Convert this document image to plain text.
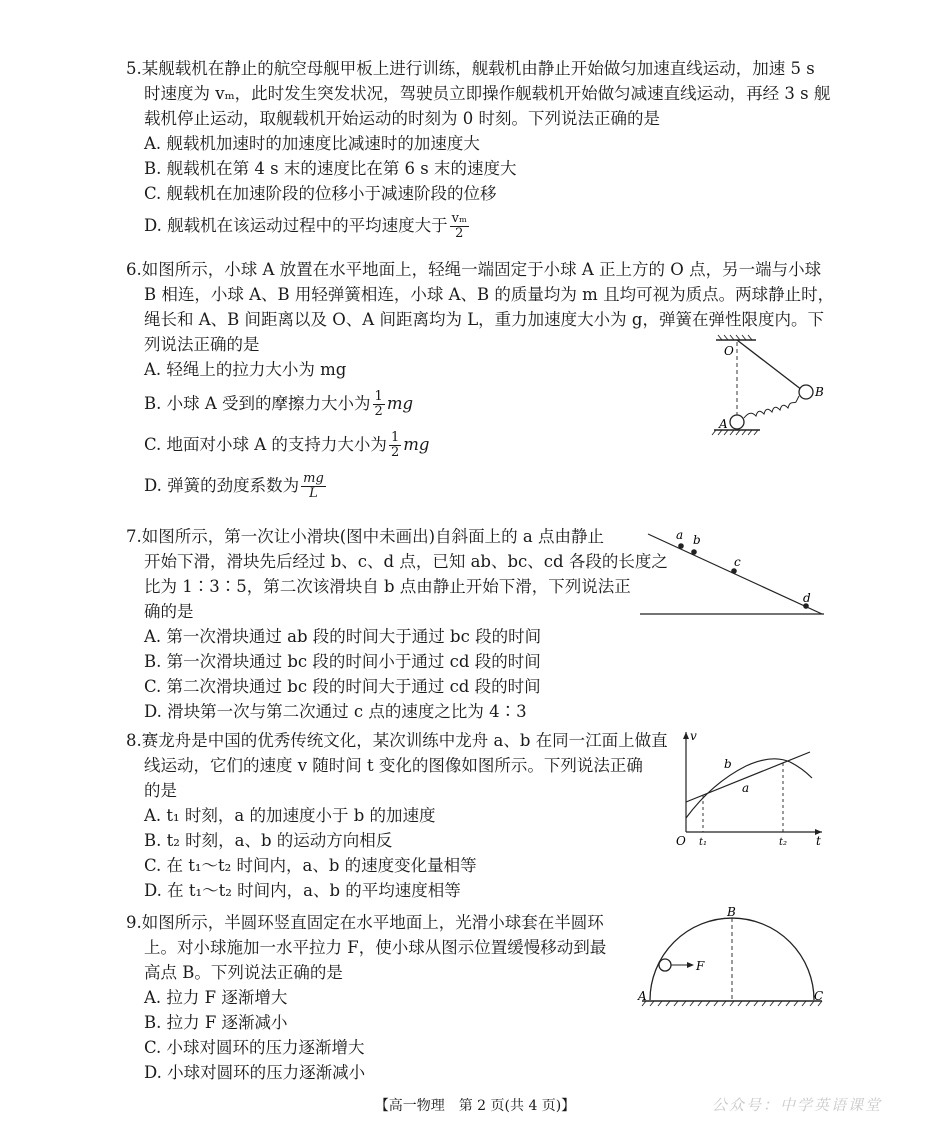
5.某舰载机在静止的航空母舰甲板上进行训练，舰载机由静止开始做匀加速直线运动，加速 5 s
时速度为 vₘ，此时发生突发状况，驾驶员立即操作舰载机开始做匀减速直线运动，再经 3 s 舰
载机停止运动，取舰载机开始运动的时刻为 0 时刻。下列说法正确的是
A. 舰载机加速时的加速度比减速时的加速度大
B. 舰载机在第 4 s 末的速度比在第 6 s 末的速度大
C. 舰载机在加速阶段的位移小于减速阶段的位移
D. 舰载机在该运动过程中的平均速度大于 $\frac{\text{vₘ}}{2}$
6.如图所示，小球 A 放置在水平地面上，轻绳一端固定于小球 A 正上方的 O 点，另一端与小球
B 相连，小球 A、B 用轻弹簧相连，小球 A、B 的质量均为 m 且均可视为质点。两球静止时，
绳长和 A、B 间距离以及 O、A 间距离均为 L，重力加速度大小为 g，弹簧在弹性限度内。下
列说法正确的是
A. 轻绳上的拉力大小为 mg
B. 小球 A 受到的摩擦力大小为 $\frac{1}{2}$ mg
C. 地面对小球 A 的支持力大小为 $\frac{1}{2}$ mg
D. 弹簧的劲度系数为 $\frac{mg}{L}$
O
B
A
7.如图所示，第一次让小滑块(图中未画出)自斜面上的 a 点由静止
开始下滑，滑块先后经过 b、c、d 点，已知 ab、bc、cd 各段的长度之
比为 1∶3∶5，第二次该滑块自 b 点由静止开始下滑，下列说法正
确的是
A. 第一次滑块通过 ab 段的时间大于通过 bc 段的时间
B. 第一次滑块通过 bc 段的时间小于通过 cd 段的时间
C. 第二次滑块通过 bc 段的时间大于通过 cd 段的时间
D. 滑块第一次与第二次通过 c 点的速度之比为 4∶3
a b
c
d
8.赛龙舟是中国的优秀传统文化，某次训练中龙舟 a、b 在同一江面上做直
线运动，它们的速度 v 随时间 t 变化的图像如图所示。下列说法正确
的是
A. t₁ 时刻，a 的加速度小于 b 的加速度
B. t₂ 时刻，a、b 的运动方向相反
C. 在 t₁～t₂ 时间内，a、b 的速度变化量相等
D. 在 t₁～t₂ 时间内，a、b 的平均速度相等
v
t
O t₁	t₂
b
a
9.如图所示，半圆环竖直固定在水平地面上，光滑小球套在半圆环
上。对小球施加一水平拉力 F，使小球从图示位置缓慢移动到最
高点 B。下列说法正确的是
A. 拉力 F 逐渐增大
B. 拉力 F 逐渐减小
C. 小球对圆环的压力逐渐增大
D. 小球对圆环的压力逐渐减小
F
B
A	C
【高一物理　第 2 页(共 4 页)】	公众号：中学英语课堂
